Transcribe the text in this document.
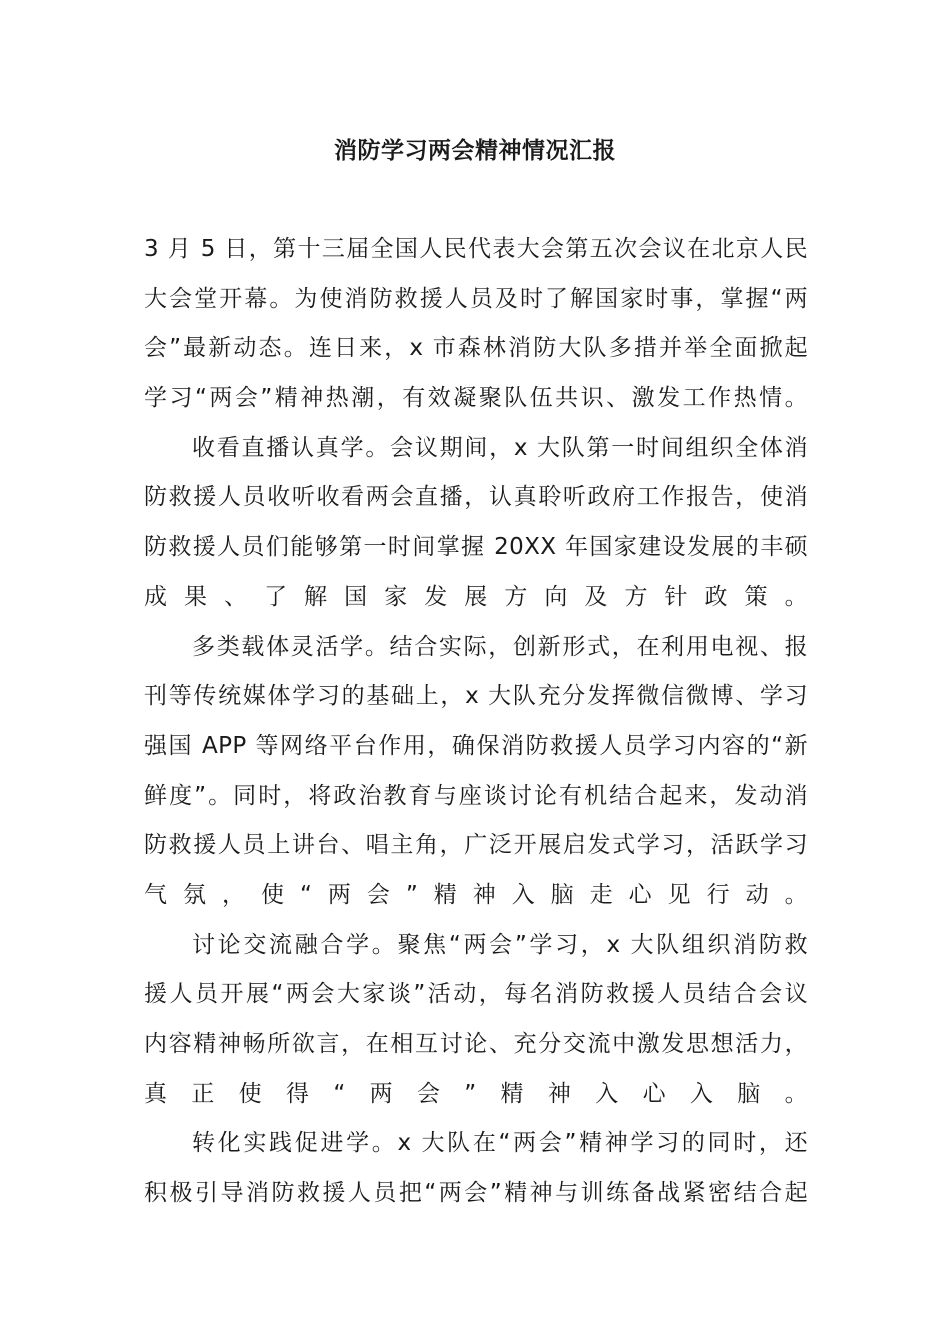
消防学习两会精神情况汇报
3 月 5 日，第十三届全国人民代表大会第五次会议在北京人民
大会堂开幕。为使消防救援人员及时了解国家时事，掌握“两
会”最新动态。连日来，x 市森林消防大队多措并举全面掀起
学习“两会”精神热潮，有效凝聚队伍共识、激发工作热情。
收看直播认真学。会议期间，x 大队第一时间组织全体消
防救援人员收听收看两会直播，认真聆听政府工作报告，使消
防救援人员们能够第一时间掌握 20XX 年国家建设发展的丰硕
成果、了解国家发展方向及方针政策。
多类载体灵活学。结合实际，创新形式，在利用电视、报
刊等传统媒体学习的基础上，x 大队充分发挥微信微博、学习
强国 APP 等网络平台作用，确保消防救援人员学习内容的“新
鲜度”。同时，将政治教育与座谈讨论有机结合起来，发动消
防救援人员上讲台、唱主角，广泛开展启发式学习，活跃学习
气氛，使“两会”精神入脑走心见行动。
讨论交流融合学。聚焦“两会”学习，x 大队组织消防救
援人员开展“两会大家谈”活动，每名消防救援人员结合会议
内容精神畅所欲言，在相互讨论、充分交流中激发思想活力，
真正使得“两会”精神入心入脑。
转化实践促进学。x 大队在“两会”精神学习的同时，还
积极引导消防救援人员把“两会”精神与训练备战紧密结合起
